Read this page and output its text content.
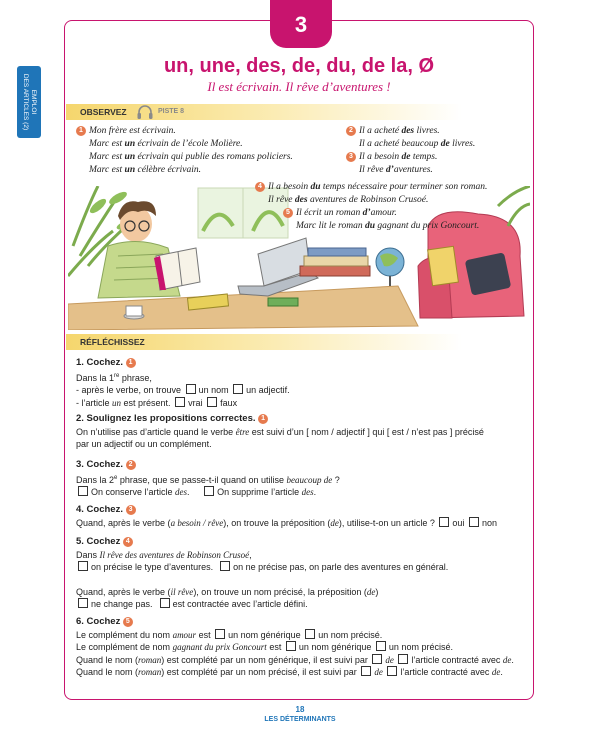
EMPLOI
DES ARTICLES (2)
3
un, une, des, de, du, de la, Ø
Il est écrivain. Il rêve d’aventures !
OBSERVEZ	PISTE 8
1 Mon frère est écrivain.
Marc est un écrivain de l’école Molière.
Marc est un écrivain qui publie des romans policiers.
Marc est un célèbre écrivain.
2 Il a acheté des livres.
Il a acheté beaucoup de livres.
3 Il a besoin de temps.
Il rêve d’aventures.
4 Il a besoin du temps nécessaire pour terminer son roman.
Il rêve des aventures de Robinson Crusoé.
5 Il écrit un roman d’amour.
Marc lit le roman du gagnant du prix Goncourt.
RÉFLÉCHISSEZ
1. Cochez. 1
Dans la 1re phrase,
- après le verbe, on trouve un nom un adjectif.
- l’article un est présent. vrai faux
2. Soulignez les propositions correctes. 1
On n’utilise pas d’article quand le verbe être est suivi d’un [ nom / adjectif ] qui [ est / n’est pas ] précisé
par un adjectif ou un complément.
3. Cochez. 2
Dans la 2e phrase, que se passe-t-il quand on utilise beaucoup de ?
On conserve l’article des.	On supprime l’article des.
4. Cochez. 3
Quand, après le verbe (a besoin / rêve), on trouve la préposition (de), utilise-t-on un article ? oui non
5. Cochez 4
Dans Il rêve des aventures de Robinson Crusoé,
on précise le type d’aventures. on ne précise pas, on parle des aventures en général.
Quand, après le verbe (il rêve), on trouve un nom précisé, la préposition (de)
ne change pas. est contractée avec l’article défini.
6. Cochez 5
Le complément du nom amour est un nom générique un nom précisé.
Le complément de nom gagnant du prix Goncourt est un nom générique un nom précisé.
Quand le nom (roman) est complété par un nom générique, il est suivi par de l’article contracté avec de.
Quand le nom (roman) est complété par un nom précisé, il est suivi par de l’article contracté avec de.
18
LES DÉTERMINANTS
